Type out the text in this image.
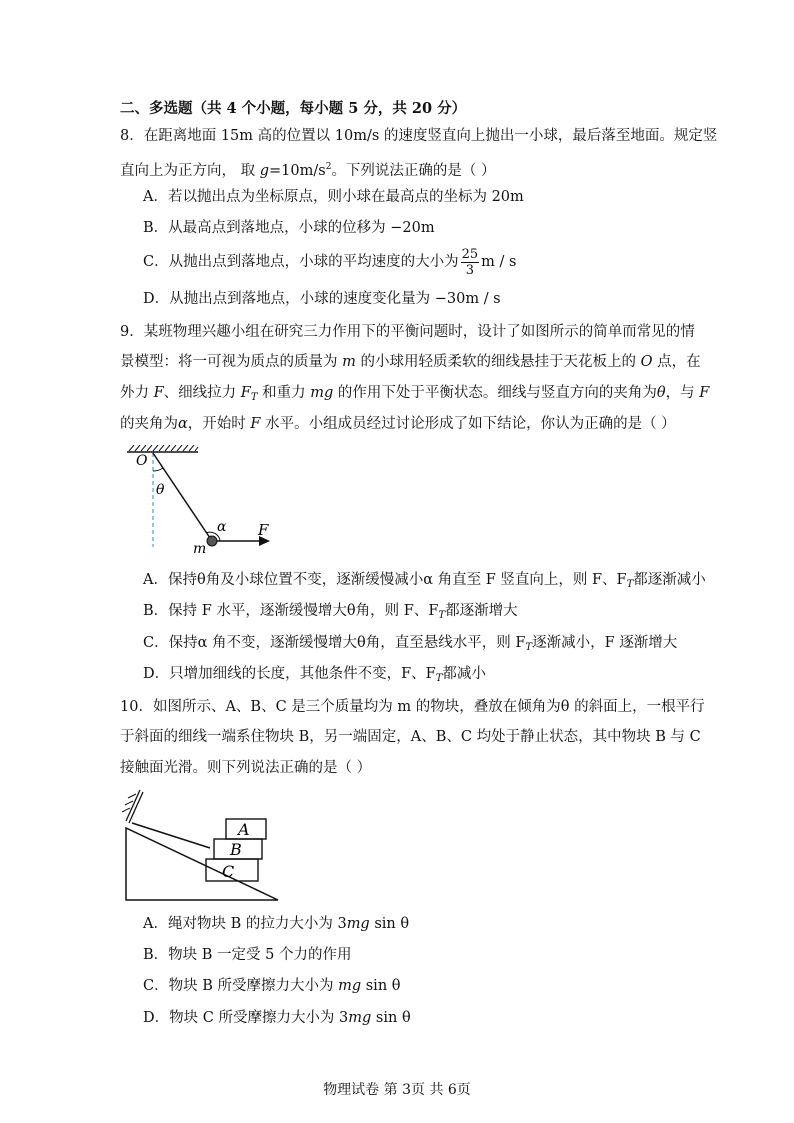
二、多选题（共 4 个小题，每小题 5 分，共 20 分）
8．在距离地面 15m 高的位置以 10m/s 的速度竖直向上抛出一小球，最后落至地面。规定竖
直向上为正方向， 取 $g=10m/s^2$。下列说法正确的是（ ）
A．若以抛出点为坐标原点，则小球在最高点的坐标为 20m
B．从最高点到落地点，小球的位移为 −20m
C．从抛出点到落地点，小球的平均速度的大小为 $\frac{25}{3}$ m / s
D．从抛出点到落地点，小球的速度变化量为 −30m / s
9．某班物理兴趣小组在研究三力作用下的平衡问题时，设计了如图所示的简单而常见的情
景模型：将一可视为质点的质量为 m 的小球用轻质柔软的细线悬挂于天花板上的 O 点，在
外力 F、细线拉力 $F_T$ 和重力 mg 的作用下处于平衡状态。细线与竖直方向的夹角为θ，与 F
的夹角为α，开始时 F 水平。小组成员经过讨论形成了如下结论，你认为正确的是（ ）
O
θ
α
m
F
A．保持θ角及小球位置不变，逐渐缓慢减小α 角直至 F 竖直向上，则 F、$F_T$都逐渐减小
B．保持 F 水平，逐渐缓慢增大θ角，则 F、$F_T$都逐渐增大
C．保持α 角不变，逐渐缓慢增大θ角，直至悬线水平，则 $F_T$逐渐减小，F 逐渐增大
D．只增加细线的长度，其他条件不变，F、$F_T$都减小
10．如图所示、A、B、C 是三个质量均为 m 的物块，叠放在倾角为θ 的斜面上，一根平行
于斜面的细线一端系住物块 B，另一端固定，A、B、C 均处于静止状态，其中物块 B 与 C
接触面光滑。则下列说法正确的是（ ）
A
B
C
A．绳对物块 B 的拉力大小为 3mg sin θ
B．物块 B 一定受 5 个力的作用
C．物块 B 所受摩擦力大小为 mg sin θ
D．物块 C 所受摩擦力大小为 3mg sin θ
物理试卷 第 3页 共 6页
